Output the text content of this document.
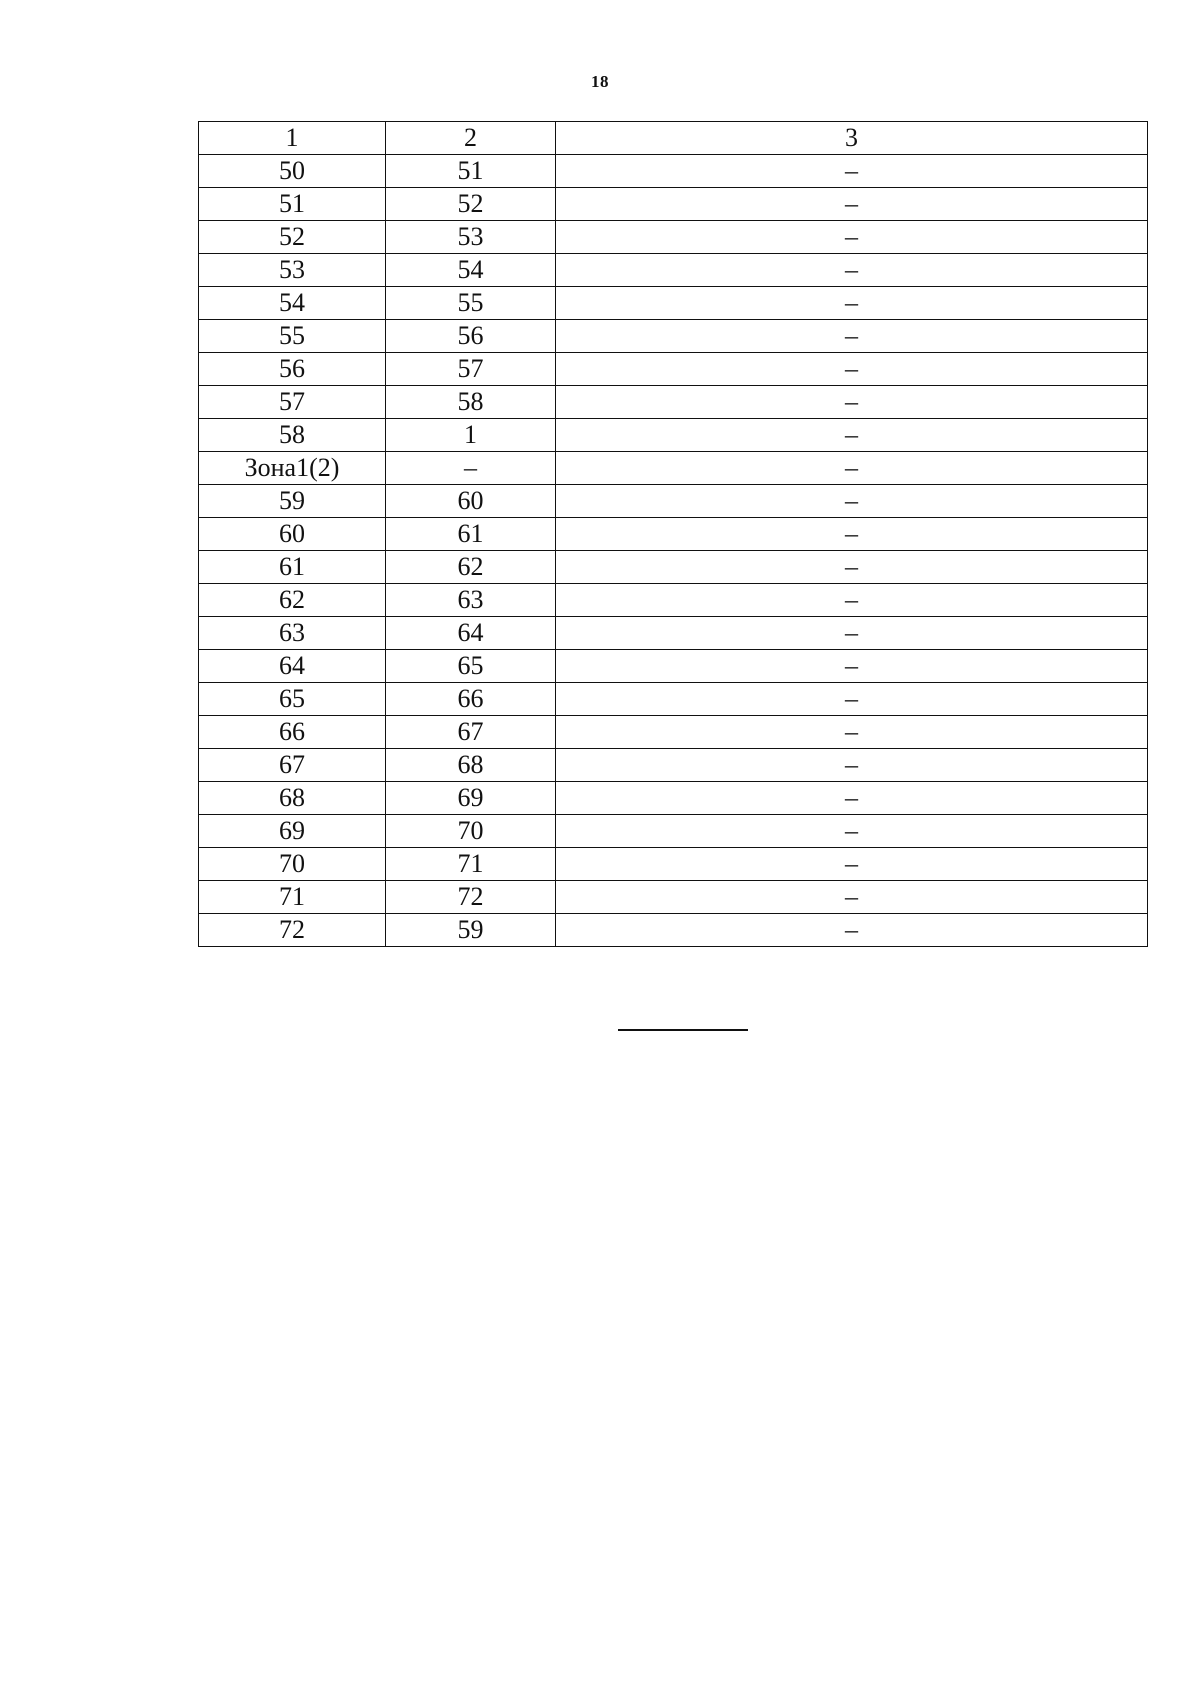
18
1	2	3
50	51	–
51	52	–
52	53	–
53	54	–
54	55	–
55	56	–
56	57	–
57	58	–
58	1	–
Зона1(2)	–	–
59	60	–
60	61	–
61	62	–
62	63	–
63	64	–
64	65	–
65	66	–
66	67	–
67	68	–
68	69	–
69	70	–
70	71	–
71	72	–
72	59	–
